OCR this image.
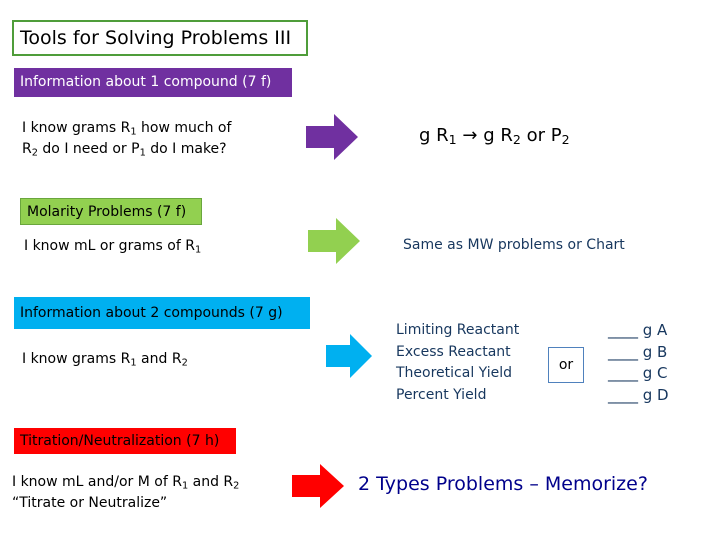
Tools for Solving Problems III
Information about 1 compound (7 f)
I know grams $R_1$ how much of
$R_2$ do I need or $P_1$ do I make?
g $R_1 \to g$ $R_2$ or $P_2$
Molarity Problems (7 f)
I know mL or grams of $R_1$	Same as MW problems or Chart
Information about 2 compounds (7 g)
I know grams $R_1$ and $R_2$
Limiting Reactant
Excess Reactant
Theoretical Yield
Percent Yield
or
____ g A
____ g B
____ g C
____ g D
Titration/Neutralization (7 h)
I know mL and/or M of $R_1$ and $R_2$
“Titrate or Neutralize”
2 Types Problems – Memorize?
